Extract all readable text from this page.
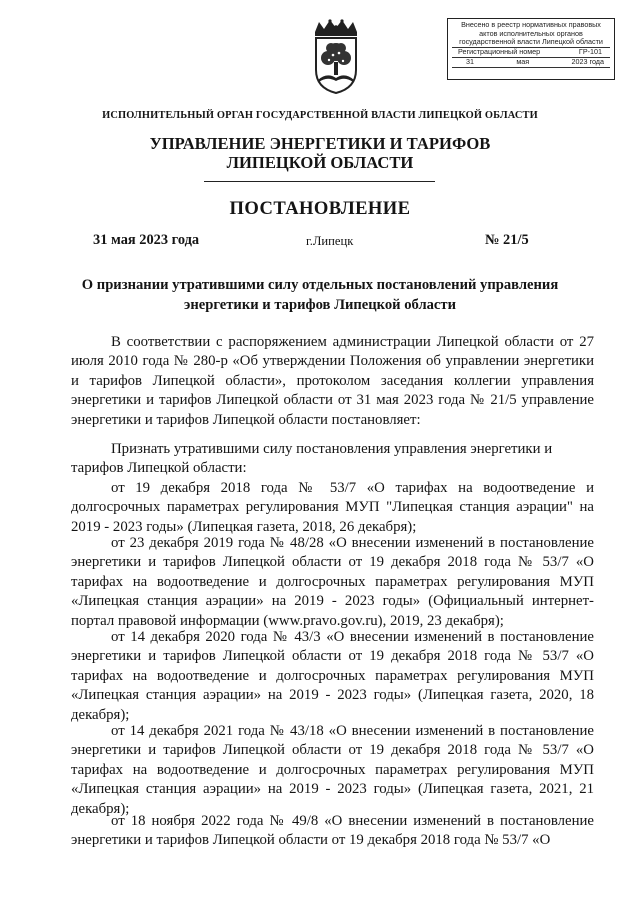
Внесено в реестр нормативных правовых
актов исполнительных органов
государственной власти Липецкой области
Регистрационный номер	ГР-101
31	мая	2023 года
ИСПОЛНИТЕЛЬНЫЙ ОРГАН ГОСУДАРСТВЕННОЙ ВЛАСТИ ЛИПЕЦКОЙ ОБЛАСТИ
УПРАВЛЕНИЕ ЭНЕРГЕТИКИ И ТАРИФОВ
ЛИПЕЦКОЙ ОБЛАСТИ
ПОСТАНОВЛЕНИЕ
31 мая 2023 года	г.Липецк	№ 21/5
О признании утратившими силу отдельных постановлений управления
энергетики и тарифов Липецкой области
В соответствии с распоряжением администрации Липецкой области от 27 июля 2010 года № 280-р «Об утверждении Положения об управлении энергетики и тарифов Липецкой области», протоколом заседания коллегии управления энергетики и тарифов Липецкой области от 31 мая 2023 года № 21/5 управление энергетики и тарифов Липецкой области постановляет:
Признать утратившими силу постановления управления энергетики и тарифов Липецкой области:
от 19 декабря 2018 года № 53/7 «О тарифах на водоотведение и долгосрочных параметрах регулирования МУП "Липецкая станция аэрации" на 2019 - 2023 годы» (Липецкая газета, 2018, 26 декабря);
от 23 декабря 2019 года № 48/28 «О внесении изменений в постановление энергетики и тарифов Липецкой области от 19 декабря 2018 года № 53/7 «О тарифах на водоотведение и долгосрочных параметрах регулирования МУП «Липецкая станция аэрации» на 2019 - 2023 годы» (Официальный интернет-портал правовой информации (www.pravo.gov.ru), 2019, 23 декабря);
от 14 декабря 2020 года № 43/3 «О внесении изменений в постановление энергетики и тарифов Липецкой области от 19 декабря 2018 года № 53/7 «О тарифах на водоотведение и долгосрочных параметрах регулирования МУП «Липецкая станция аэрации» на 2019 - 2023 годы» (Липецкая газета, 2020, 18 декабря);
от 14 декабря 2021 года № 43/18 «О внесении изменений в постановление энергетики и тарифов Липецкой области от 19 декабря 2018 года № 53/7 «О тарифах на водоотведение и долгосрочных параметрах регулирования МУП «Липецкая станция аэрации» на 2019 - 2023 годы» (Липецкая газета, 2021, 21 декабря);
от 18 ноября 2022 года № 49/8 «О внесении изменений в постановление энергетики и тарифов Липецкой области от 19 декабря 2018 года № 53/7 «О
